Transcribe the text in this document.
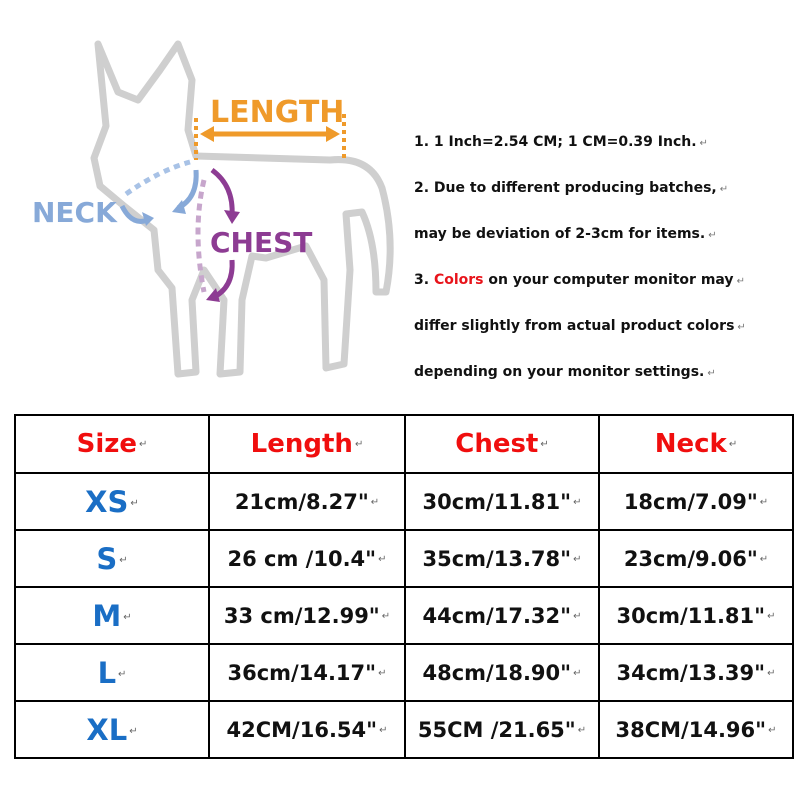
LENGTH
NECK
CHEST
1. 1 Inch=2.54 CM; 1 CM=0.39 Inch. ↵
2. Due to different producing batches, ↵
may be deviation of 2-3cm for items. ↵
3. Colors on your computer monitor may ↵
differ slightly from actual product colors ↵
depending on your monitor settings. ↵
Size ↵	Length ↵	Chest ↵	Neck ↵
XS ↵	21cm/8.27" ↵	30cm/11.81" ↵	18cm/7.09" ↵
S ↵	26 cm /10.4" ↵	35cm/13.78" ↵	23cm/9.06" ↵
M ↵	33 cm/12.99" ↵	44cm/17.32" ↵	30cm/11.81" ↵
L ↵	36cm/14.17" ↵	48cm/18.90" ↵	34cm/13.39" ↵
XL ↵	42CM/16.54" ↵	55CM /21.65" ↵	38CM/14.96" ↵
